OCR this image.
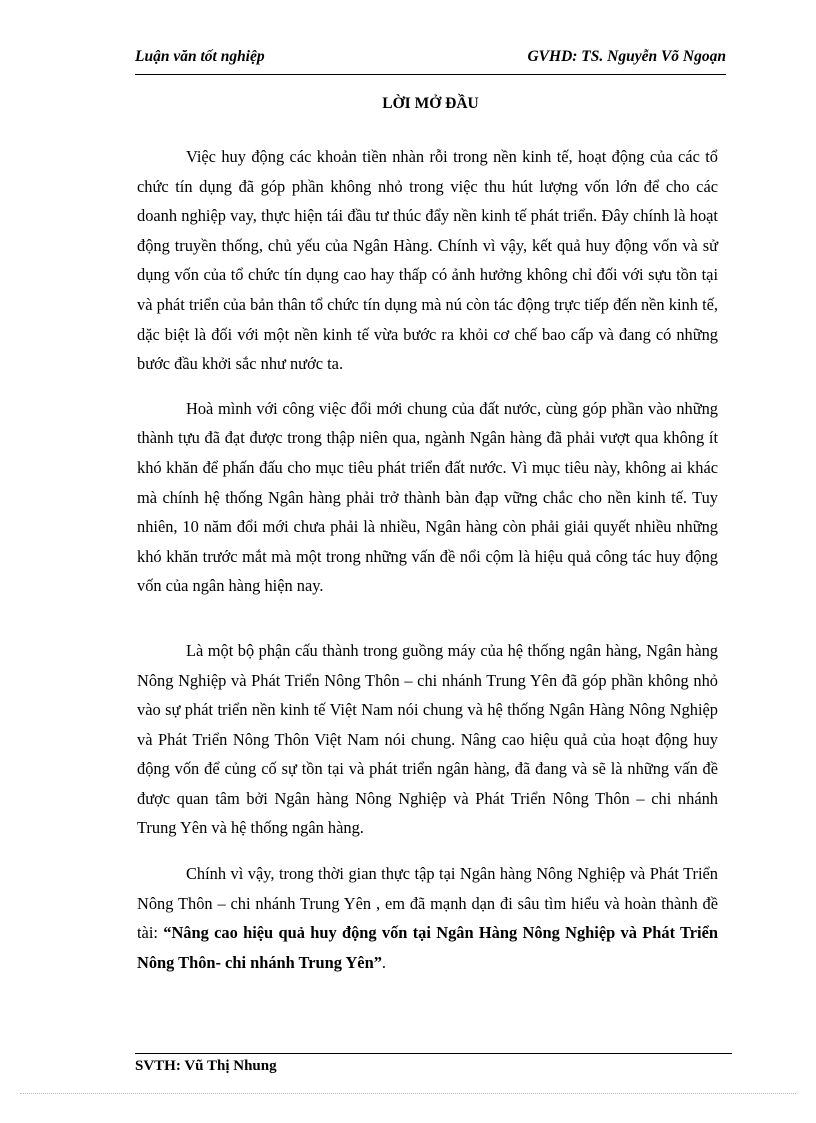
Luận văn tốt nghiệp	GVHD: TS. Nguyễn Võ Ngoạn
LỜI MỞ ĐẦU

Việc huy động các khoản tiền nhàn rỗi trong nền kinh tế, hoạt động của các tổ chức tín dụng đã góp phần không nhỏ trong việc thu hút lượng vốn lớn để cho các doanh nghiệp vay, thực hiện tái đầu tư thúc đẩy nền kinh tế phát triển. Đây chính là hoạt động truyền thống, chủ yếu của Ngân Hàng. Chính vì vậy, kết quả huy động vốn và sử dụng vốn của tổ chức tín dụng cao hay thấp có ảnh hưởng không chỉ đối với sựu tồn tại và phát triển của bản thân tổ chức tín dụng mà nú còn tác động trực tiếp đến nền kinh tế, dặc biệt là đối với một nền kinh tế vừa bước ra khỏi cơ chế bao cấp và đang có những bước đầu khởi sắc như nước ta.

Hoà mình với công việc đổi mới chung của đất nước, cùng góp phần vào những thành tựu đã đạt được trong thập niên qua, ngành Ngân hàng đã phải vượt qua không ít khó khăn để phấn đấu cho mục tiêu phát triển đất nước. Vì mục tiêu này, không ai khác mà chính hệ thống Ngân hàng phải trở thành bàn đạp vững chắc cho nền kinh tế. Tuy nhiên, 10 năm đổi mới chưa phải là nhiều, Ngân hàng còn phải giải quyết nhiều những khó khăn trước mắt mà một trong những vấn đề nổi cộm là hiệu quả công tác huy động vốn của ngân hàng hiện nay.

Là một bộ phận cấu thành trong guồng máy của hệ thống ngân hàng, Ngân hàng Nông Nghiệp và Phát Triển Nông Thôn – chi nhánh Trung Yên đã góp phần không nhỏ vào sự phát triển nền kinh tế Việt Nam nói chung và hệ thống Ngân Hàng Nông Nghiệp và Phát Triển Nông Thôn Việt Nam nói chung. Nâng cao hiệu quả của hoạt động huy động vốn để củng cố sự tồn tại và phát triển ngân hàng, đã đang và sẽ là những vấn đề được quan tâm bởi Ngân hàng Nông Nghiệp và Phát Triển Nông Thôn – chi nhánh Trung Yên và hệ thống ngân hàng.

Chính vì vậy, trong thời gian thực tập tại Ngân hàng Nông Nghiệp và Phát Triển Nông Thôn – chi nhánh Trung Yên , em đã mạnh dạn đi sâu tìm hiểu và hoàn thành đề tài: “Nâng cao hiệu quả huy động vốn tại Ngân Hàng Nông Nghiệp và Phát Triển Nông Thôn- chi nhánh Trung Yên”.

SVTH: Vũ Thị Nhung
